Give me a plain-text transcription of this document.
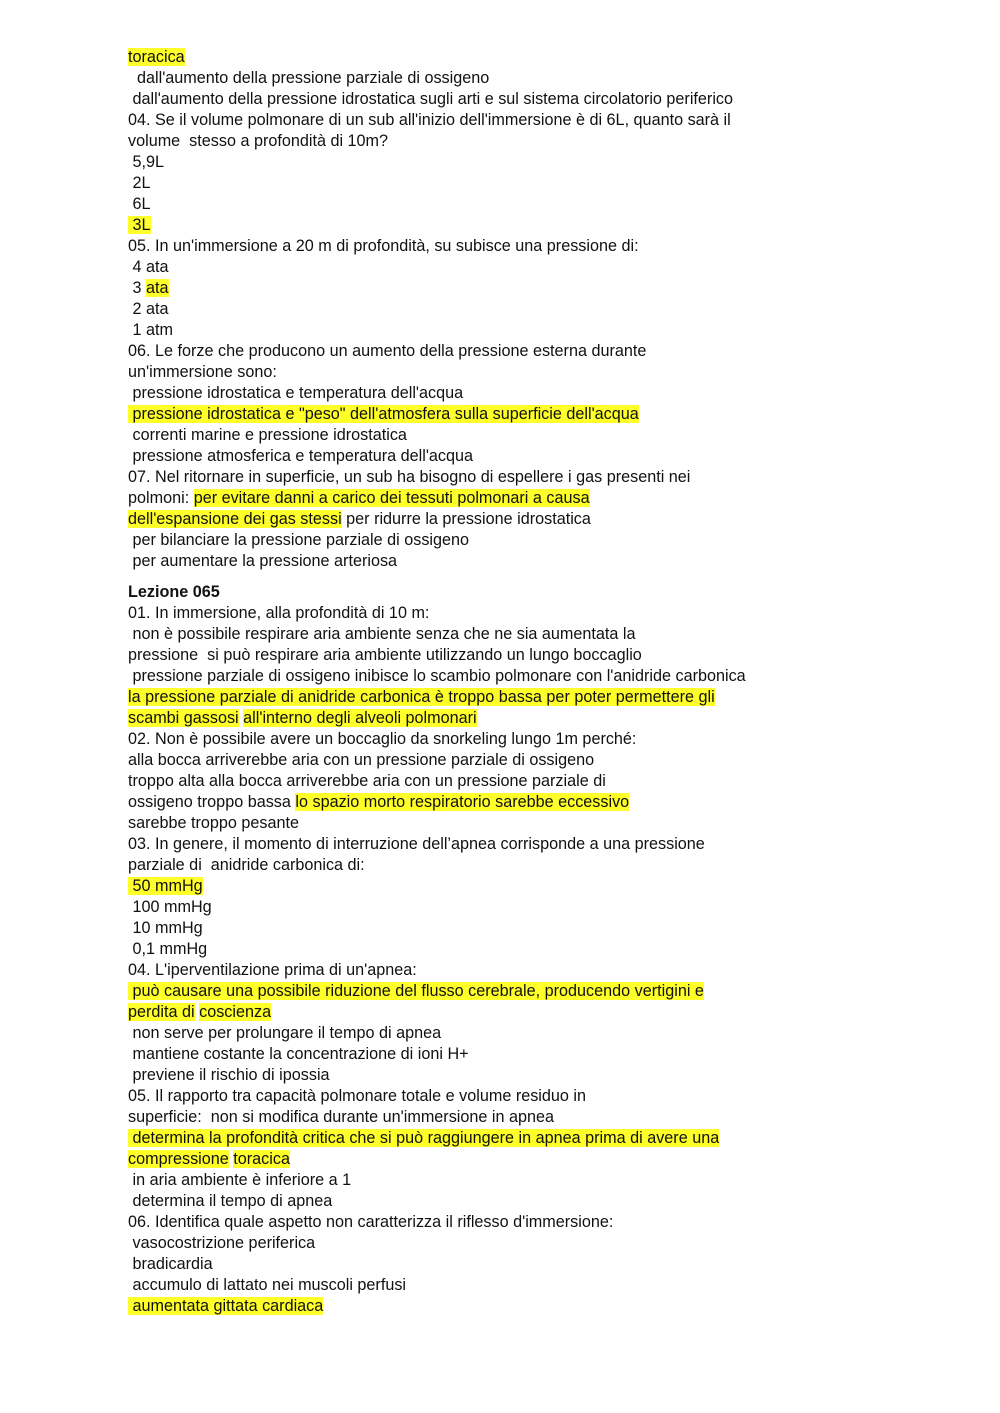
toracica
dall'aumento della pressione parziale di ossigeno
dall'aumento della pressione idrostatica sugli arti e sul sistema circolatorio periferico
04. Se il volume polmonare di un sub all'inizio dell'immersione è di 6L, quanto sarà il
volume  stesso a profondità di 10m?
5,9L
2L
6L
3L
05. In un'immersione a 20 m di profondità, su subisce una pressione di:
4 ata
3 ata
2 ata
1 atm
06. Le forze che producono un aumento della pressione esterna durante
un'immersione sono:
pressione idrostatica e temperatura dell'acqua
pressione idrostatica e "peso" dell'atmosfera sulla superficie dell'acqua
correnti marine e pressione idrostatica
pressione atmosferica e temperatura dell'acqua
07. Nel ritornare in superficie, un sub ha bisogno di espellere i gas presenti nei
polmoni: per evitare danni a carico dei tessuti polmonari a causa
dell'espansione dei gas stessi per ridurre la pressione idrostatica
per bilanciare la pressione parziale di ossigeno
per aumentare la pressione arteriosa
Lezione 065
01. In immersione, alla profondità di 10 m:
non è possibile respirare aria ambiente senza che ne sia aumentata la
pressione  si può respirare aria ambiente utilizzando un lungo boccaglio
pressione parziale di ossigeno inibisce lo scambio polmonare con l'anidride carbonica
la pressione parziale di anidride carbonica è troppo bassa per poter permettere gli
scambi gassosi all'interno degli alveoli polmonari
02. Non è possibile avere un boccaglio da snorkeling lungo 1m perché:
alla bocca arriverebbe aria con un pressione parziale di ossigeno
troppo alta alla bocca arriverebbe aria con un pressione parziale di
ossigeno troppo bassa lo spazio morto respiratorio sarebbe eccessivo
sarebbe troppo pesante
03. In genere, il momento di interruzione dell’apnea corrisponde a una pressione
parziale di  anidride carbonica di:
50 mmHg
100 mmHg
10 mmHg
0,1 mmHg
04. L'iperventilazione prima di un'apnea:
può causare una possibile riduzione del flusso cerebrale, producendo vertigini e
perdita di coscienza
non serve per prolungare il tempo di apnea
mantiene costante la concentrazione di ioni H+
previene il rischio di ipossia
05. Il rapporto tra capacità polmonare totale e volume residuo in
superficie:  non si modifica durante un'immersione in apnea
determina la profondità critica che si può raggiungere in apnea prima di avere una
compressione toracica
in aria ambiente è inferiore a 1
determina il tempo di apnea
06. Identifica quale aspetto non caratterizza il riflesso d'immersione:
vasocostrizione periferica
bradicardia
accumulo di lattato nei muscoli perfusi
aumentata gittata cardiaca
